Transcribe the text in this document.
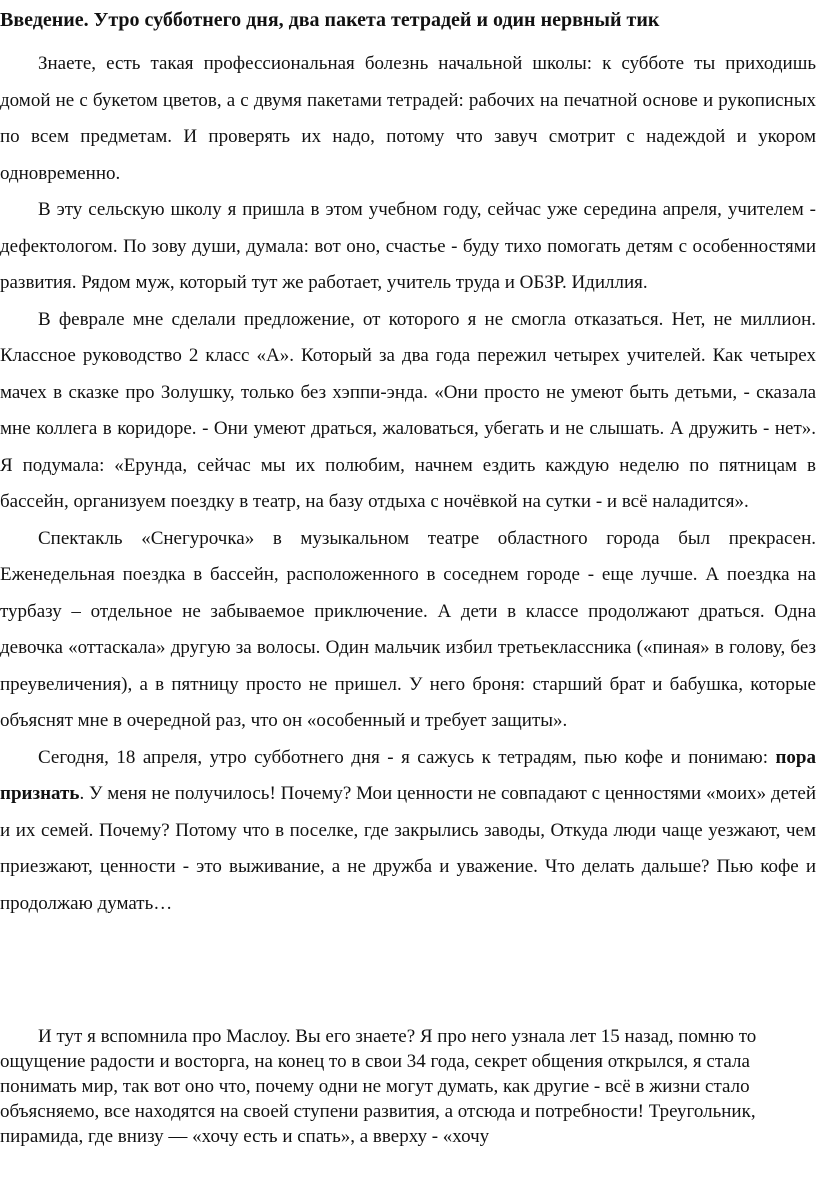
Введение. Утро субботнего дня, два пакета тетрадей и один нервный тик

Знаете, есть такая профессиональная болезнь начальной школы: к субботе ты приходишь домой не с букетом цветов, а с двумя пакетами тетрадей: рабочих на печатной основе и рукописных по всем предметам. И проверять их надо, потому что завуч смотрит с надеждой и укором одновременно.

В эту сельскую школу я пришла в этом учебном году, сейчас уже середина апреля, учителем - дефектологом. По зову души, думала: вот оно, счастье - буду тихо помогать детям с особенностями развития. Рядом муж, который тут же работает, учитель труда и ОБЗР. Идиллия.

В феврале мне сделали предложение, от которого я не смогла отказаться. Нет, не миллион. Классное руководство 2 класс «А». Который за два года пережил четырех учителей. Как четырех мачех в сказке про Золушку, только без хэппи-энда. «Они просто не умеют быть детьми, - сказала мне коллега в коридоре. - Они умеют драться, жаловаться, убегать и не слышать. А дружить - нет». Я подумала: «Ерунда, сейчас мы их полюбим, начнем ездить каждую неделю по пятницам в бассейн, организуем поездку в театр, на базу отдыха с ночёвкой на сутки - и всё наладится».

Спектакль «Снегурочка» в музыкальном театре областного города был прекрасен. Еженедельная поездка в бассейн, расположенного в соседнем городе - еще лучше. А поездка на турбазу – отдельное не забываемое приключение. А дети в классе продолжают драться. Одна девочка «оттаскала» другую за волосы. Один мальчик избил третьеклассника («пиная» в голову, без преувеличения), а в пятницу просто не пришел. У него броня: старший брат и бабушка, которые объяснят мне в очередной раз, что он «особенный и требует защиты».

Сегодня, 18 апреля, утро субботнего дня - я сажусь к тетрадям, пью кофе и понимаю: пора признать. У меня не получилось! Почему? Мои ценности не совпадают с ценностями «моих» детей и их семей. Почему? Потому что в поселке, где закрылись заводы, Откуда люди чаще уезжают, чем приезжают, ценности - это выживание, а не дружба и уважение. Что делать дальше? Пью кофе и продолжаю думать…

И тут я вспомнила про Маслоу. Вы его знаете? Я про него узнала лет 15 назад, помню то ощущение радости и восторга, на конец то в свои 34 года, секрет общения открылся, я стала понимать мир, так вот оно что, почему одни не могут думать, как другие - всё в жизни стало объясняемо, все находятся на своей ступени развития, а отсюда и потребности! Треугольник, пирамида, где внизу — «хочу есть и спать», а вверху - «хочу
